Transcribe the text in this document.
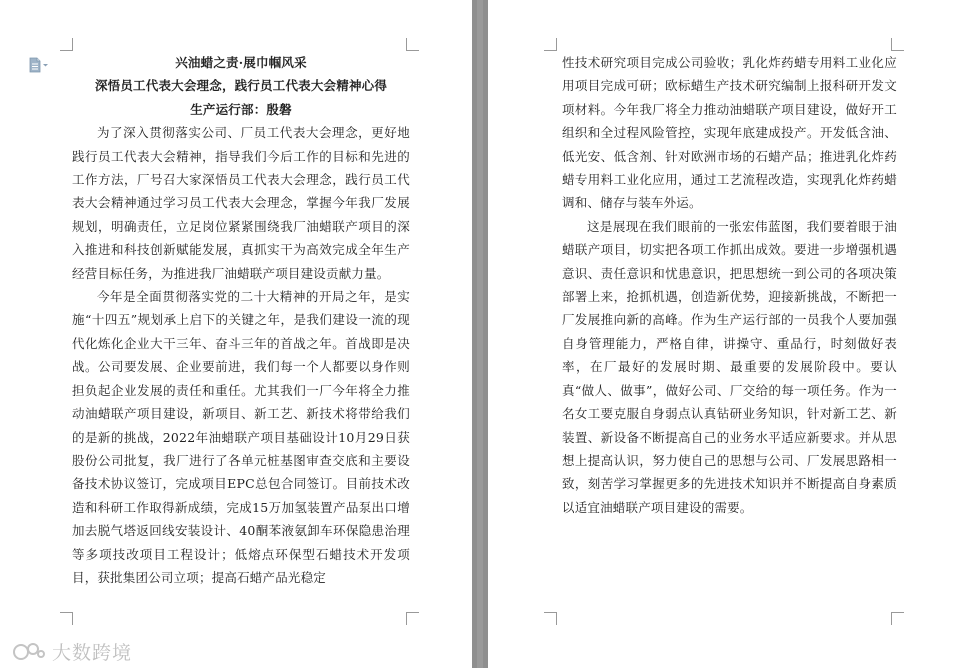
兴油蜡之责·展巾帼风采

深悟员工代表大会理念，践行员工代表大会精神心得

生产运行部：殷磐

为了深入贯彻落实公司、厂员工代表大会理念，更好地践行员工代表大会精神，指导我们今后工作的目标和先进的工作方法，厂号召大家深悟员工代表大会理念，践行员工代表大会精神通过学习员工代表大会理念，掌握今年我厂发展规划，明确责任，立足岗位紧紧围绕我厂油蜡联产项目的深入推进和科技创新赋能发展，真抓实干为高效完成全年生产经营目标任务，为推进我厂油蜡联产项目建设贡献力量。

今年是全面贯彻落实党的二十大精神的开局之年，是实施“十四五”规划承上启下的关键之年，是我们建设一流的现代化炼化企业大干三年、奋斗三年的首战之年。首战即是决战。公司要发展、企业要前进，我们每一个人都要以身作则担负起企业发展的责任和重任。尤其我们一厂今年将全力推动油蜡联产项目建设，新项目、新工艺、新技术将带给我们的是新的挑战，2022年油蜡联产项目基础设计10月29日获股份公司批复，我厂进行了各单元桩基图审查交底和主要设备技术协议签订，完成项目EPC总包合同签订。目前技术改造和科研工作取得新成绩，完成15万加氢装置产品泵出口增加去脱气塔返回线安装设计、40酮苯液氨卸车环保隐患治理等多项技改项目工程设计；低熔点环保型石蜡技术开发项目，获批集团公司立项；提高石蜡产品光稳定

性技术研究项目完成公司验收；乳化炸药蜡专用料工业化应用项目完成可研；欧标蜡生产技术研究编制上报科研开发文项材料。今年我厂将全力推动油蜡联产项目建设，做好开工组织和全过程风险管控，实现年底建成投产。开发低含油、低光安、低含剂、针对欧洲市场的石蜡产品；推进乳化炸药蜡专用料工业化应用，通过工艺流程改造，实现乳化炸药蜡调和、储存与装车外运。

这是展现在我们眼前的一张宏伟蓝图，我们要着眼于油蜡联产项目，切实把各项工作抓出成效。要进一步增强机遇意识、责任意识和忧患意识，把思想统一到公司的各项决策部署上来，抢抓机遇，创造新优势，迎接新挑战，不断把一厂发展推向新的高峰。作为生产运行部的一员我个人要加强自身管理能力，严格自律，讲操守、重品行，时刻做好表率，在厂最好的发展时期、最重要的发展阶段中。要认真“做人、做事”，做好公司、厂交给的每一项任务。作为一名女工要克服自身弱点认真钻研业务知识，针对新工艺、新装置、新设备不断提高自己的业务水平适应新要求。并从思想上提高认识，努力使自己的思想与公司、厂发展思路相一致，刻苦学习掌握更多的先进技术知识并不断提高自身素质以适宜油蜡联产项目建设的需要。

大数跨境
